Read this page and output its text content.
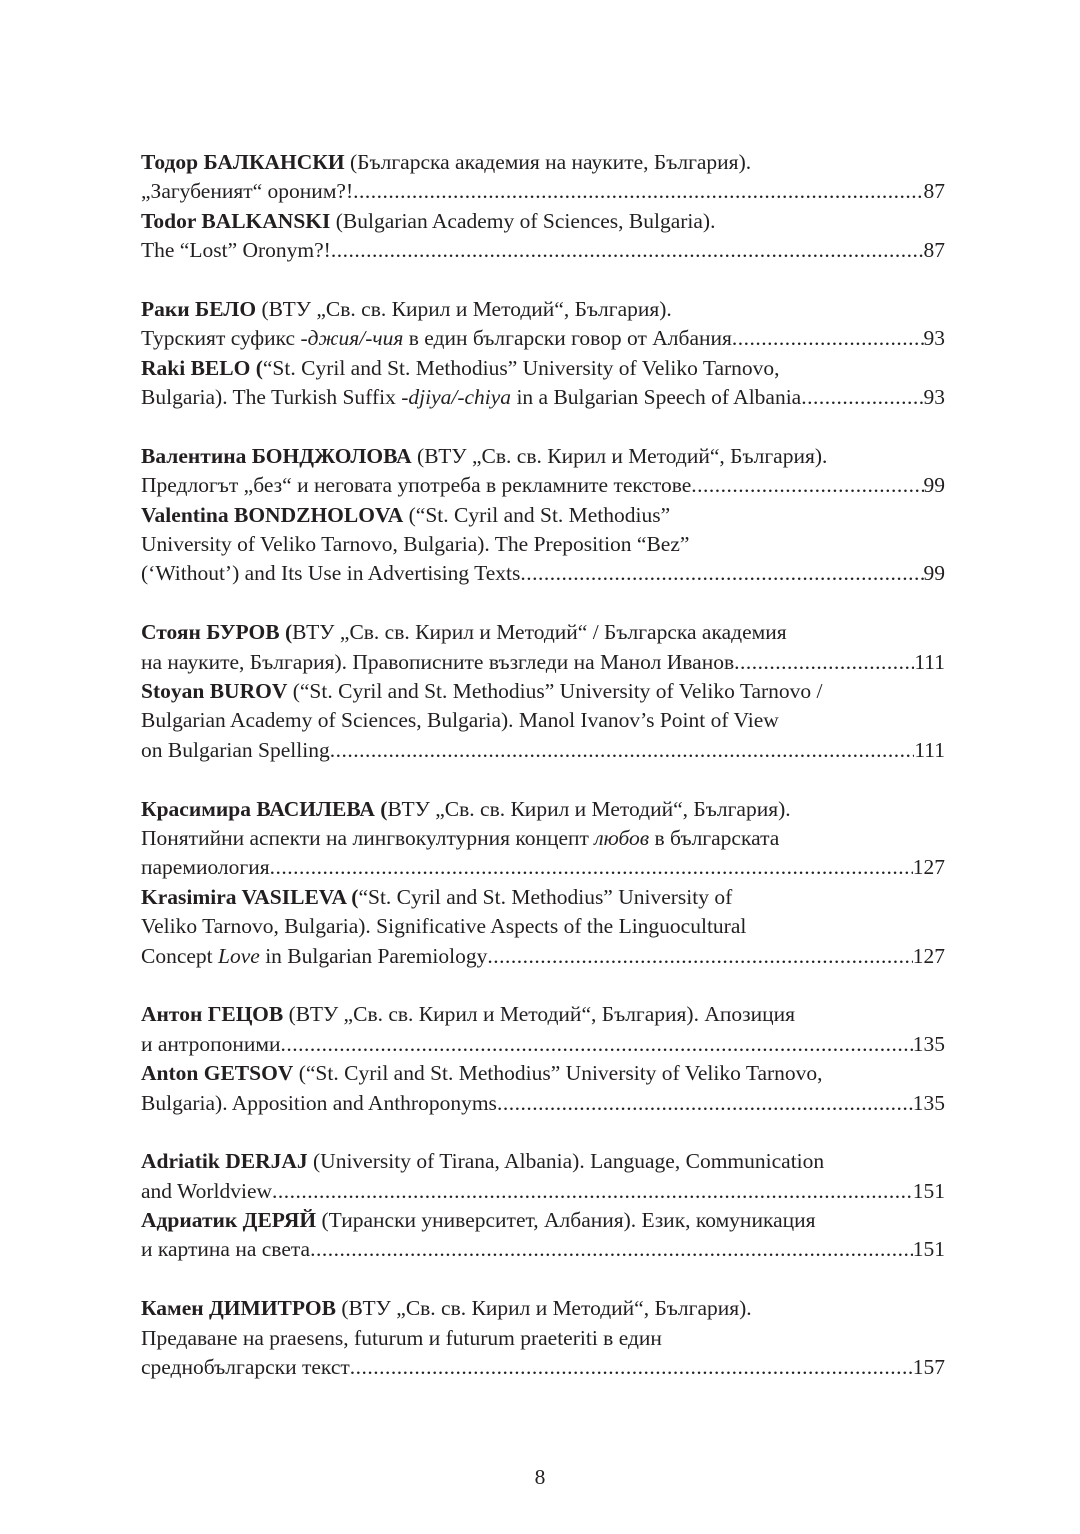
Тодор БАЛКАНСКИ (Българска академия на науките, България).
„Загубеният“ ороним?! .....	87
Todor BALKANSKI (Bulgarian Academy of Sciences, Bulgaria).
The “Lost” Oronym?! .....	87
Раки БЕЛО (ВТУ „Св. св. Кирил и Методий“, България).
Турският суфикс -джия/-чия в един български говор от Албания .....	93
Raki BELO (“St. Cyril and St. Methodius” University of Veliko Tarnovo,
Bulgaria). The Turkish Suffix -djiya/-chiya in a Bulgarian Speech of Albania .....	93
Валентина БОНДЖОЛОВА (ВТУ „Св. св. Кирил и Методий“, България).
Предлогът „без“ и неговата употреба в рекламните текстове .....	99
Valentina BONDZHOLOVA (“St. Cyril and St. Methodius”
University of Veliko Tarnovo, Bulgaria). The Preposition “Bez”
(‘Without’) and Its Use in Advertising Texts .....	99
Стоян БУРОВ (ВТУ „Св. св. Кирил и Методий“ / Българска академия
на науките, България). Правописните възгледи на Манол Иванов .....	111
Stoyan BUROV (“St. Cyril and St. Methodius” University of Veliko Tarnovo /
Bulgarian Academy of Sciences, Bulgaria). Manol Ivanov’s Point of View
on Bulgarian Spelling .....	111
Красимира ВАСИЛЕВА (ВТУ „Св. св. Кирил и Методий“, България).
Понятийни аспекти на лингвокултурния концепт любов в българската
паремиология .....	127
Krasimira VASILEVA (“St. Cyril and St. Methodius” University of
Veliko Tarnovo, Bulgaria). Significative Aspects of the Linguocultural
Concept Love in Bulgarian Paremiology .....	127
Антон ГЕЦОВ (ВТУ „Св. св. Кирил и Методий“, България). Апозиция
и антропоними .....	135
Anton GETSOV (“St. Cyril and St. Methodius” University of Veliko Tarnovo,
Bulgaria). Apposition and Anthroponyms .....	135
Adriatik DERJAJ (University of Tirana, Albania). Language, Communication
and Worldview .....	151
Адриатик ДЕРЯЙ (Тирански университет, Албания). Език, комуникация
и картина на света .....	151
Камен ДИМИТРОВ (ВТУ „Св. св. Кирил и Методий“, България).
Предаване на praesens, futurum и futurum praeteriti в един
среднобългарски текст .....	157
8
